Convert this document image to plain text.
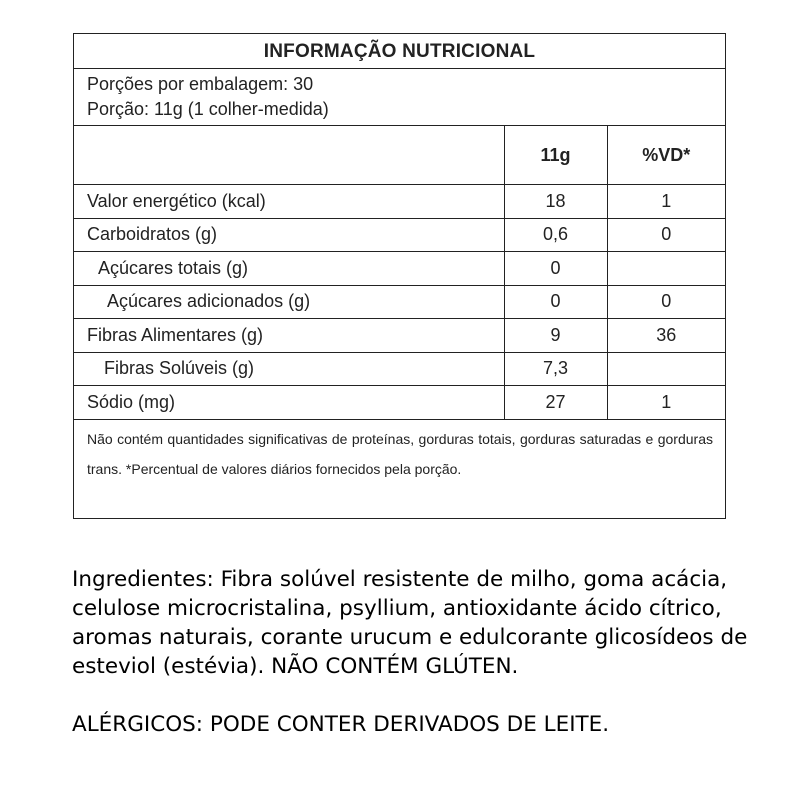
INFORMAÇÃO NUTRICIONAL
Porções por embalagem: 30
Porção: 11g (1 colher-medida)
	11g	%VD*
Valor energético (kcal)	18	1
Carboidratos (g)	0,6	0
Açúcares totais (g)	0	
Açúcares adicionados (g)	0	0
Fibras Alimentares (g)	9	36
Fibras Solúveis (g)	7,3	
Sódio (mg)	27	1
Não contém quantidades significativas de proteínas, gorduras totais, gorduras saturadas e gorduras trans. *Percentual de valores diários fornecidos pela porção.

Ingredientes: Fibra solúvel resistente de milho, goma acácia, celulose microcristalina, psyllium, antioxidante ácido cítrico, aromas naturais, corante urucum e edulcorante glicosídeos de esteviol (estévia). NÃO CONTÉM GLÚTEN.

ALÉRGICOS: PODE CONTER DERIVADOS DE LEITE.
